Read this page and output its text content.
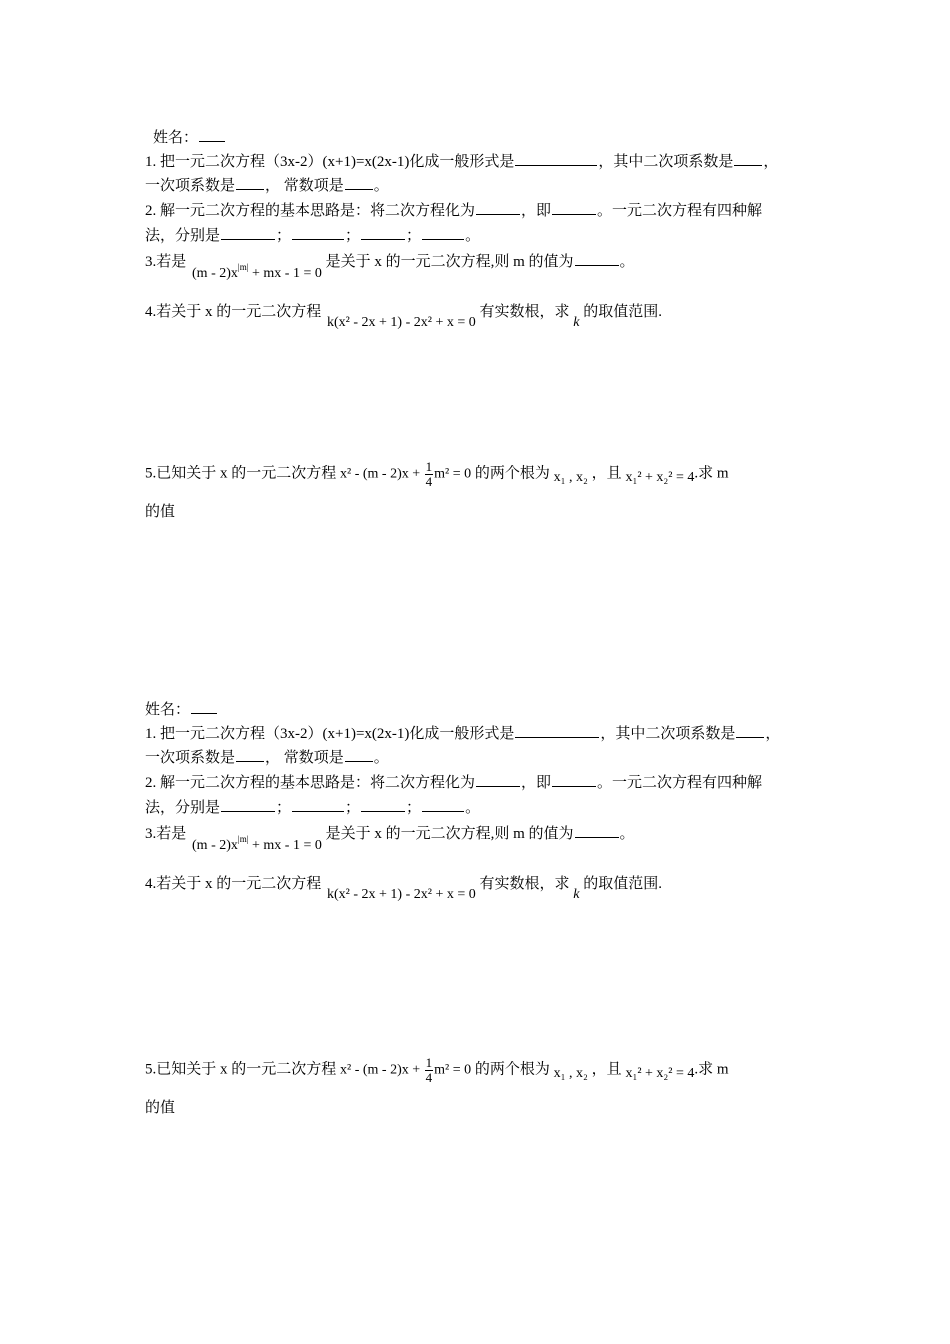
姓名：
1. 把一元二次方程（3x-2）(x+1)=x(2x-1)化成一般形式是	，其中二次项系数是 ，
一次项系数是 ， 常数项是 。
2. 解一元二次方程的基本思路是：将二次方程化为	，即	。一元二次方程有四种解
法，分别是	；	；	；	。
3.若是 $(m - 2)x^{|m|}$ + mx - 1 = 0 是关于 x 的一元二次方程,则 m 的值为	。
4.若关于 x 的一元二次方程 k(x² - 2x + 1) - 2x² + x = 0 有实数根，求 k 的取值范围.
5.已知关于 x 的一元二次方程 $x^2 - (m - 2)x + \frac{1}{4} m^2 = 0$ 的两个根为 x₁ , x₂ ，且 x₁² + x₂² = 4.求 m
的值
姓名：
1. 把一元二次方程（3x-2）(x+1)=x(2x-1)化成一般形式是	，其中二次项系数是 ，
一次项系数是 ， 常数项是 。
2. 解一元二次方程的基本思路是：将二次方程化为	，即	。一元二次方程有四种解
法，分别是	；	；	；	。
3.若是 $(m - 2)x^{|m|}$ + mx - 1 = 0 是关于 x 的一元二次方程,则 m 的值为	。
4.若关于 x 的一元二次方程 k(x² - 2x + 1) - 2x² + x = 0 有实数根，求 k 的取值范围.
5.已知关于 x 的一元二次方程 $x^2 - (m - 2)x + \frac{1}{4} m^2 = 0$ 的两个根为 x₁ , x₂ ，且 x₁² + x₂² = 4.求 m
的值
